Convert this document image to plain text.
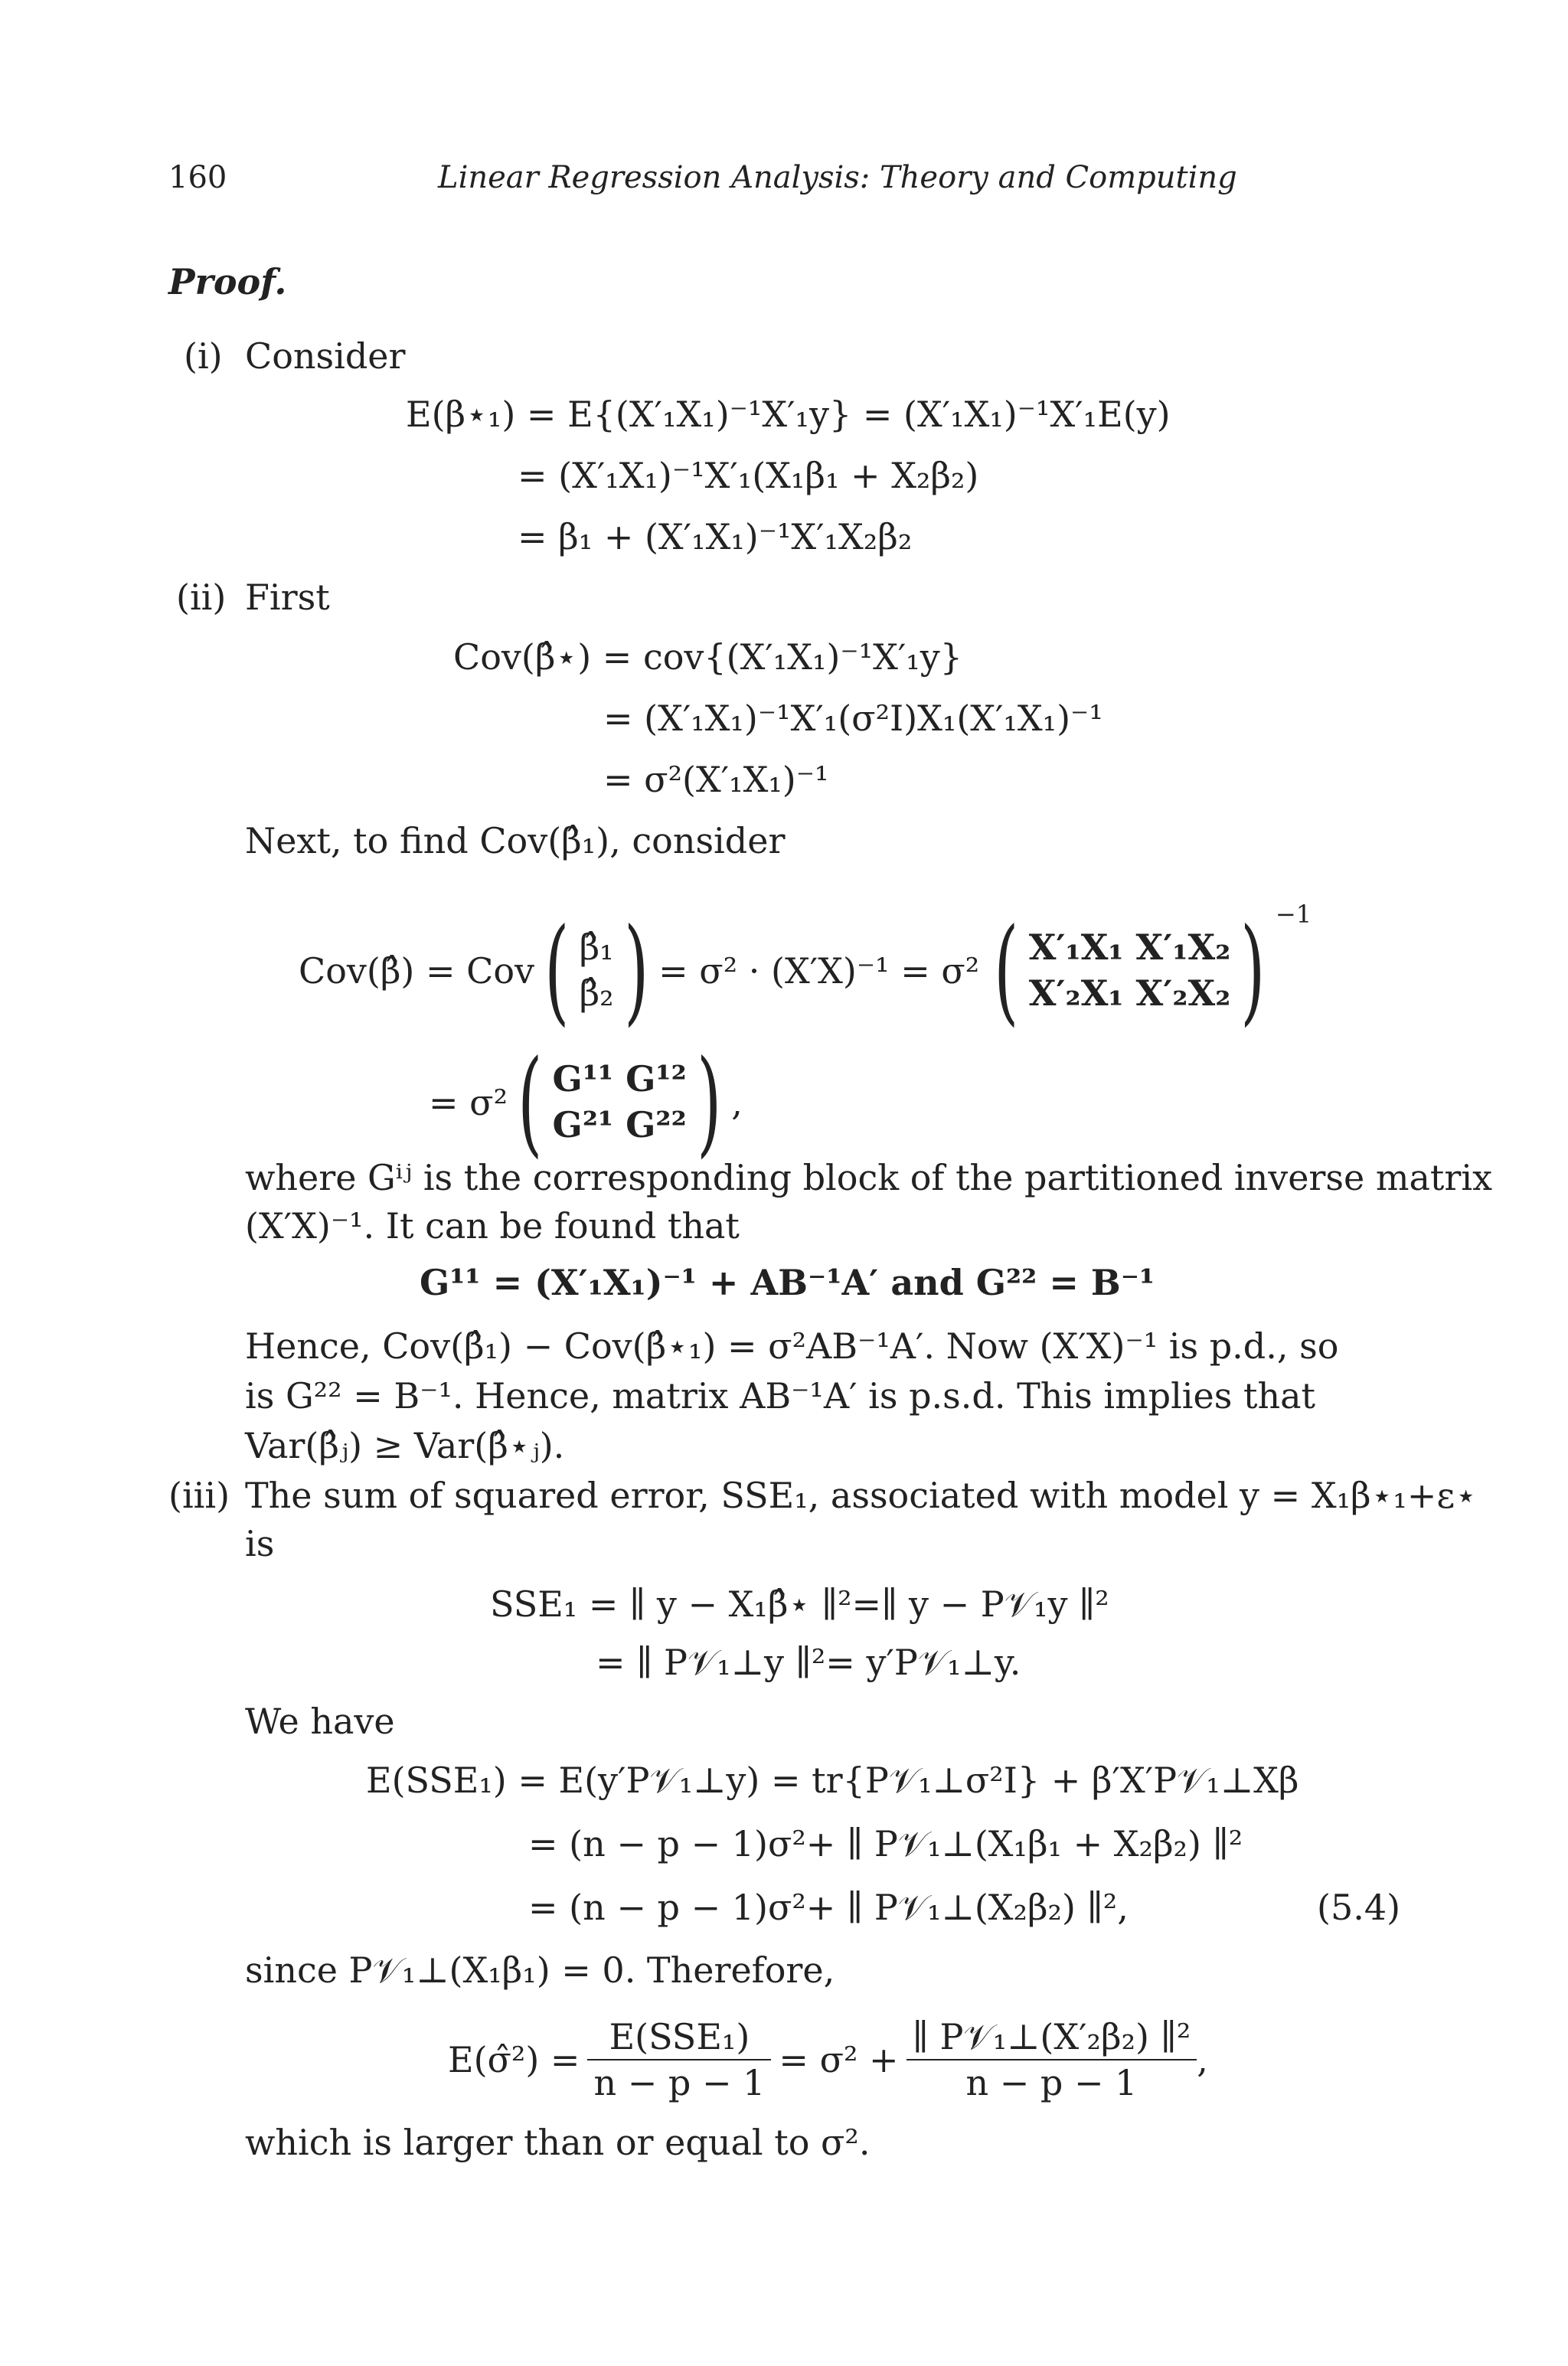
160	Linear Regression Analysis: Theory and Computing
Proof.
(i) Consider
E(β⋆₁) = E{(X′₁X₁)⁻¹X′₁y} = (X′₁X₁)⁻¹X′₁E(y)
= (X′₁X₁)⁻¹X′₁(X₁β₁ + X₂β₂)
= β₁ + (X′₁X₁)⁻¹X′₁X₂β₂
(ii) First
Cov(β̂⋆) = cov{(X′₁X₁)⁻¹X′₁y}
= (X′₁X₁)⁻¹X′₁(σ²I)X₁(X′₁X₁)⁻¹
= σ²(X′₁X₁)⁻¹
Next, to find Cov(β̂₁), consider
Cov(β̂) = Cov ( β̂₁
β̂₂ ) = σ² · (X′X)⁻¹ = σ² ( X′₁X₁ X′₁X₂
X′₂X₁ X′₂X₂ ) −1
= σ² ( G¹¹ G¹²
G²¹ G²² ) ,
where Gⁱʲ is the corresponding block of the partitioned inverse matrix
(X′X)⁻¹. It can be found that
G¹¹ = (X′₁X₁)⁻¹ + AB⁻¹A′ and G²² = B⁻¹
Hence, Cov(β̂₁) − Cov(β̂⋆₁) = σ²AB⁻¹A′. Now (X′X)⁻¹ is p.d., so
is G²² = B⁻¹. Hence, matrix AB⁻¹A′ is p.s.d. This implies that
Var(β̂ⱼ) ≥ Var(β̂⋆ⱼ).
(iii) The sum of squared error, SSE₁, associated with model y = X₁β⋆₁+ε⋆
is
SSE₁ = ∥ y − X₁β̂⋆ ∥²=∥ y − P𝒱₁y ∥²
= ∥ P𝒱₁⊥y ∥²= y′P𝒱₁⊥y.
We have
E(SSE₁) = E(y′P𝒱₁⊥y) = tr{P𝒱₁⊥σ²I} + β′X′P𝒱₁⊥Xβ
= (n − p − 1)σ²+ ∥ P𝒱₁⊥(X₁β₁ + X₂β₂) ∥²
= (n − p − 1)σ²+ ∥ P𝒱₁⊥(X₂β₂) ∥²,	(5.4)
since P𝒱₁⊥(X₁β₁) = 0. Therefore,
E(σ̂²) = $\frac{\text{E(SSE₁)}}{n - p - 1} = \sigma^2 + \frac{\text{∥ P𝒱₁⊥(X′₂β₂) ∥²}}{n - p - 1}$ ,
which is larger than or equal to σ².
